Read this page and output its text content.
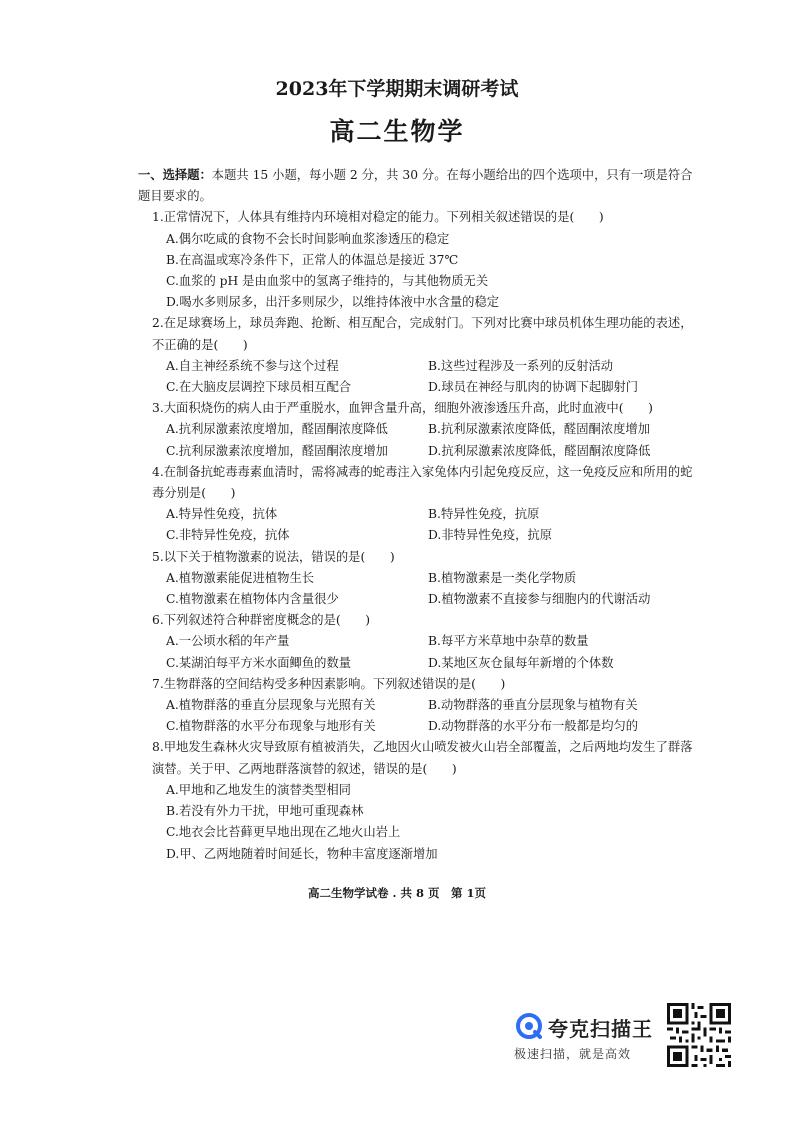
2023年下学期期末调研考试
高二生物学
一、选择题：本题共 15 小题，每小题 2 分，共 30 分。在每小题给出的四个选项中，只有一项是符合题目要求的。
1.正常情况下，人体具有维持内环境相对稳定的能力。下列相关叙述错误的是(　　)
A.偶尔吃咸的食物不会长时间影响血浆渗透压的稳定
B.在高温或寒冷条件下，正常人的体温总是接近 37℃
C.血浆的 pH 是由血浆中的氢离子维持的，与其他物质无关
D.喝水多则尿多，出汗多则尿少，以维持体液中水含量的稳定
2.在足球赛场上，球员奔跑、抢断、相互配合，完成射门。下列对比赛中球员机体生理功能的表述，不正确的是(　　)
A.自主神经系统不参与这个过程	B.这些过程涉及一系列的反射活动
C.在大脑皮层调控下球员相互配合	D.球员在神经与肌肉的协调下起脚射门
3.大面积烧伤的病人由于严重脱水，血钾含量升高，细胞外液渗透压升高，此时血液中(　　)
A.抗利尿激素浓度增加，醛固酮浓度降低	B.抗利尿激素浓度降低，醛固酮浓度增加
C.抗利尿激素浓度增加，醛固酮浓度增加	D.抗利尿激素浓度降低，醛固酮浓度降低
4.在制备抗蛇毒毒素血清时，需将减毒的蛇毒注入家兔体内引起免疫反应，这一免疫反应和所用的蛇毒分别是(　　)
A.特异性免疫，抗体	B.特异性免疫，抗原
C.非特异性免疫，抗体	D.非特异性免疫，抗原
5.以下关于植物激素的说法，错误的是(　　)
A.植物激素能促进植物生长	B.植物激素是一类化学物质
C.植物激素在植物体内含量很少	D.植物激素不直接参与细胞内的代谢活动
6.下列叙述符合种群密度概念的是(　　)
A.一公顷水稻的年产量	B.每平方米草地中杂草的数量
C.某湖泊每平方米水面鲫鱼的数量	D.某地区灰仓鼠每年新增的个体数
7.生物群落的空间结构受多种因素影响。下列叙述错误的是(　　)
A.植物群落的垂直分层现象与光照有关	B.动物群落的垂直分层现象与植物有关
C.植物群落的水平分布现象与地形有关	D.动物群落的水平分布一般都是均匀的
8.甲地发生森林火灾导致原有植被消失，乙地因火山喷发被火山岩全部覆盖，之后两地均发生了群落演替。关于甲、乙两地群落演替的叙述，错误的是(　　)
A.甲地和乙地发生的演替类型相同
B.若没有外力干扰，甲地可重现森林
C.地衣会比苔藓更早地出现在乙地火山岩上
D.甲、乙两地随着时间延长，物种丰富度逐渐增加
高二生物学试卷 . 共 8 页　第 1页
夸克扫描王
极速扫描，就是高效
